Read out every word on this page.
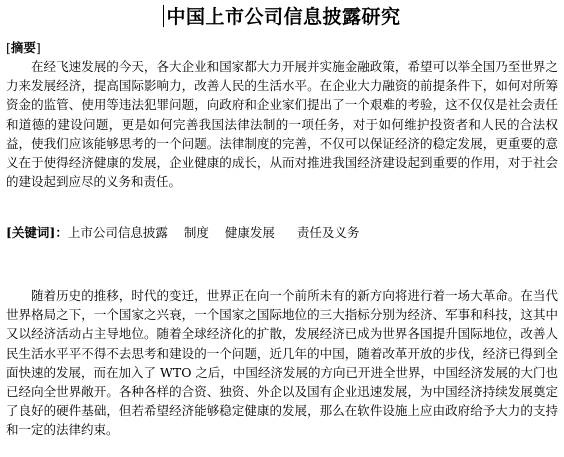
中国上市公司信息披露研究
[摘要]

在经飞速发展的今天，各大企业和国家都大力开展并实施金融政策，希望可以举全国乃至世界之力来发展经济，提高国际影响力，改善人民的生活水平。在企业大力融资的前提条件下，如何对所筹资金的监管、使用等违法犯罪问题，向政府和企业家们提出了一个艰难的考验，这不仅仅是社会责任和道德的建设问题，更是如何完善我国法律法制的一项任务，对于如何维护投资者和人民的合法权益，使我们应该能够思考的一个问题。法律制度的完善，不仅可以保证经济的稳定发展，更重要的意义在于使得经济健康的发展，企业健康的成长，从而对推进我国经济建设起到重要的作用，对于社会的建设起到应尽的义务和责任。

[关键词]：上市公司信息披露 制度 健康发展 责任及义务

随着历史的推移，时代的变迁，世界正在向一个前所未有的新方向将进行着一场大革命。在当代世界格局之下，一个国家之兴衰，一个国家之国际地位的三大指标分别为经济、军事和科技，这其中又以经济活动占主导地位。随着全球经济化的扩散，发展经济已成为世界各国提升国际地位，改善人民生活水平平不得不去思考和建设的一个问题，近几年的中国，随着改革开放的步伐，经济已得到全面快速的发展，而在加入了 WTO 之后，中国经济发展的方向已开进全世界，中国经济发展的大门也已经向全世界敞开。各种各样的合资、独资、外企以及国有企业迅速发展，为中国经济持续发展奠定了良好的硬件基础，但若希望经济能够稳定健康的发展，那么在软件设施上应由政府给予大力的支持和一定的法律约束。
